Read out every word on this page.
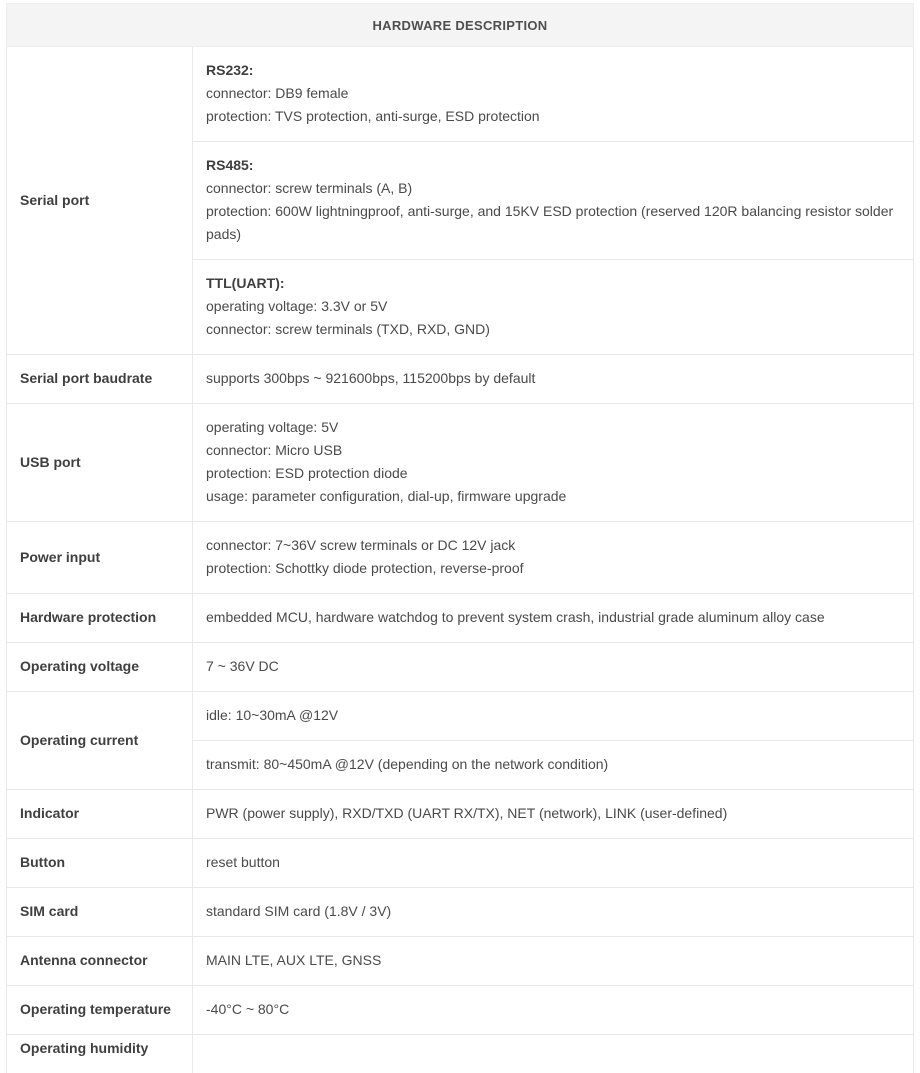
HARDWARE DESCRIPTION	
Serial port	RS232:
connector: DB9 female
protection: TVS protection, anti-surge, ESD protection

	RS485:
connector: screw terminals (A, B)
protection: 600W lightningproof, anti-surge, and 15KV ESD protection (reserved 120R balancing resistor solder pads)

	TTL(UART):
operating voltage: 3.3V or 5V
connector: screw terminals (TXD, RXD, GND)

Serial port baudrate	supports 300bps ~ 921600bps, 115200bps by default

USB port	operating voltage: 5V
connector: Micro USB
protection: ESD protection diode
usage: parameter configuration, dial-up, firmware upgrade

Power input	connector: 7~36V screw terminals or DC 12V jack
protection: Schottky diode protection, reverse-proof

Hardware protection	embedded MCU, hardware watchdog to prevent system crash, industrial grade aluminum alloy case

Operating voltage	7 ~ 36V DC

Operating current	idle: 10~30mA @12V

	transmit: 80~450mA @12V (depending on the network condition)

Indicator	PWR (power supply), RXD/TXD (UART RX/TX), NET (network), LINK (user-defined)

Button	reset button

SIM card	standard SIM card (1.8V / 3V)

Antenna connector	MAIN LTE, AUX LTE, GNSS

Operating temperature	-40°C ~ 80°C

Operating humidity	
